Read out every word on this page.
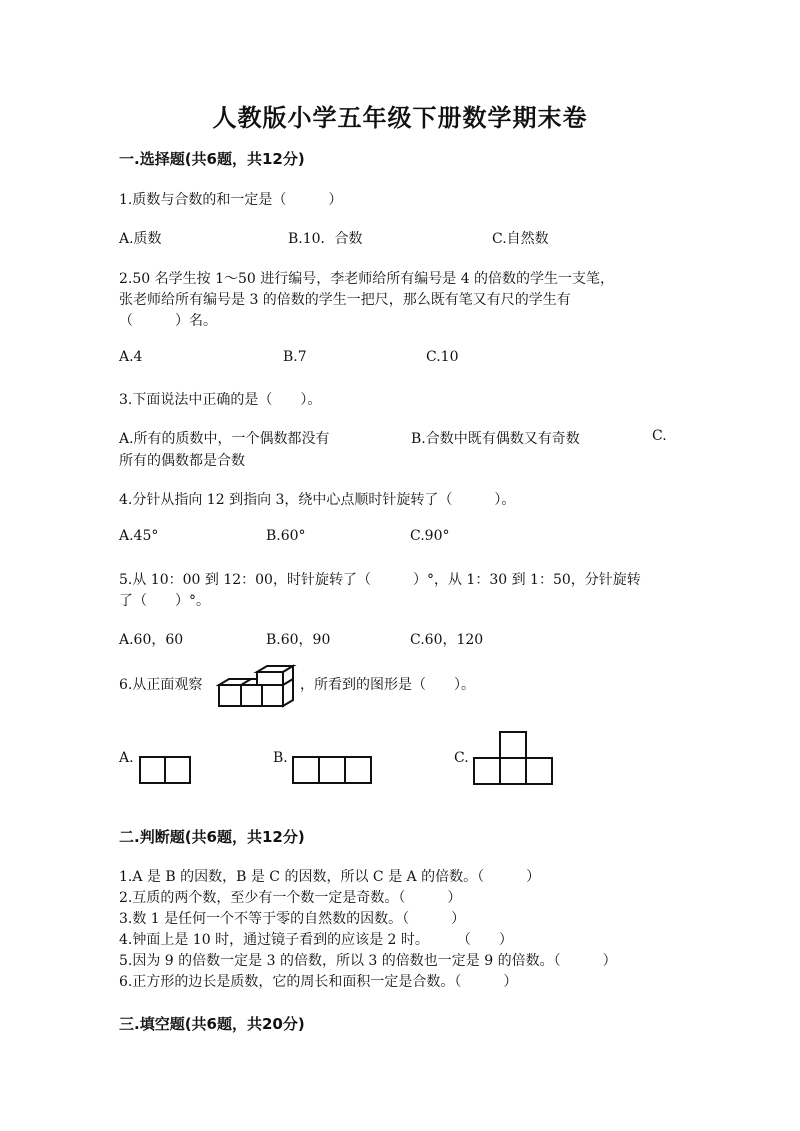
人教版小学五年级下册数学期末卷
一.选择题(共6题，共12分)
1.质数与合数的和一定是（　　　）
A.质数	B.10．合数	C.自然数
2.50 名学生按 1～50 进行编号，李老师给所有编号是 4 的倍数的学生一支笔，
张老师给所有编号是 3 的倍数的学生一把尺，那么既有笔又有尺的学生有
（　　　）名。
A.4	B.7	C.10
3.下面说法中正确的是（　　）。
A.所有的质数中，一个偶数都没有	B.合数中既有偶数又有奇数	C.
所有的偶数都是合数
4.分针从指向 12 到指向 3，绕中心点顺时针旋转了（　　　）。
A.45°	B.60°	C.90°
5.从 10：00 到 12：00，时针旋转了（　　　）°，从 1：30 到 1：50，分针旋转
了（　　）°。
A.60，60	B.60，90	C.60，120
6.从正面观察	，所看到的图形是（　　）。
A.	B.	C.
二.判断题(共6题，共12分)
1.A 是 B 的因数，B 是 C 的因数，所以 C 是 A 的倍数。（　　　）
2.互质的两个数，至少有一个数一定是奇数。（　　　）
3.数 1 是任何一个不等于零的自然数的因数。（　　　）
4.钟面上是 10 时，通过镜子看到的应该是 2 时。　　　（　　）
5.因为 9 的倍数一定是 3 的倍数，所以 3 的倍数也一定是 9 的倍数。（　　　）
6.正方形的边长是质数，它的周长和面积一定是合数。（　　　）
三.填空题(共6题，共20分)
